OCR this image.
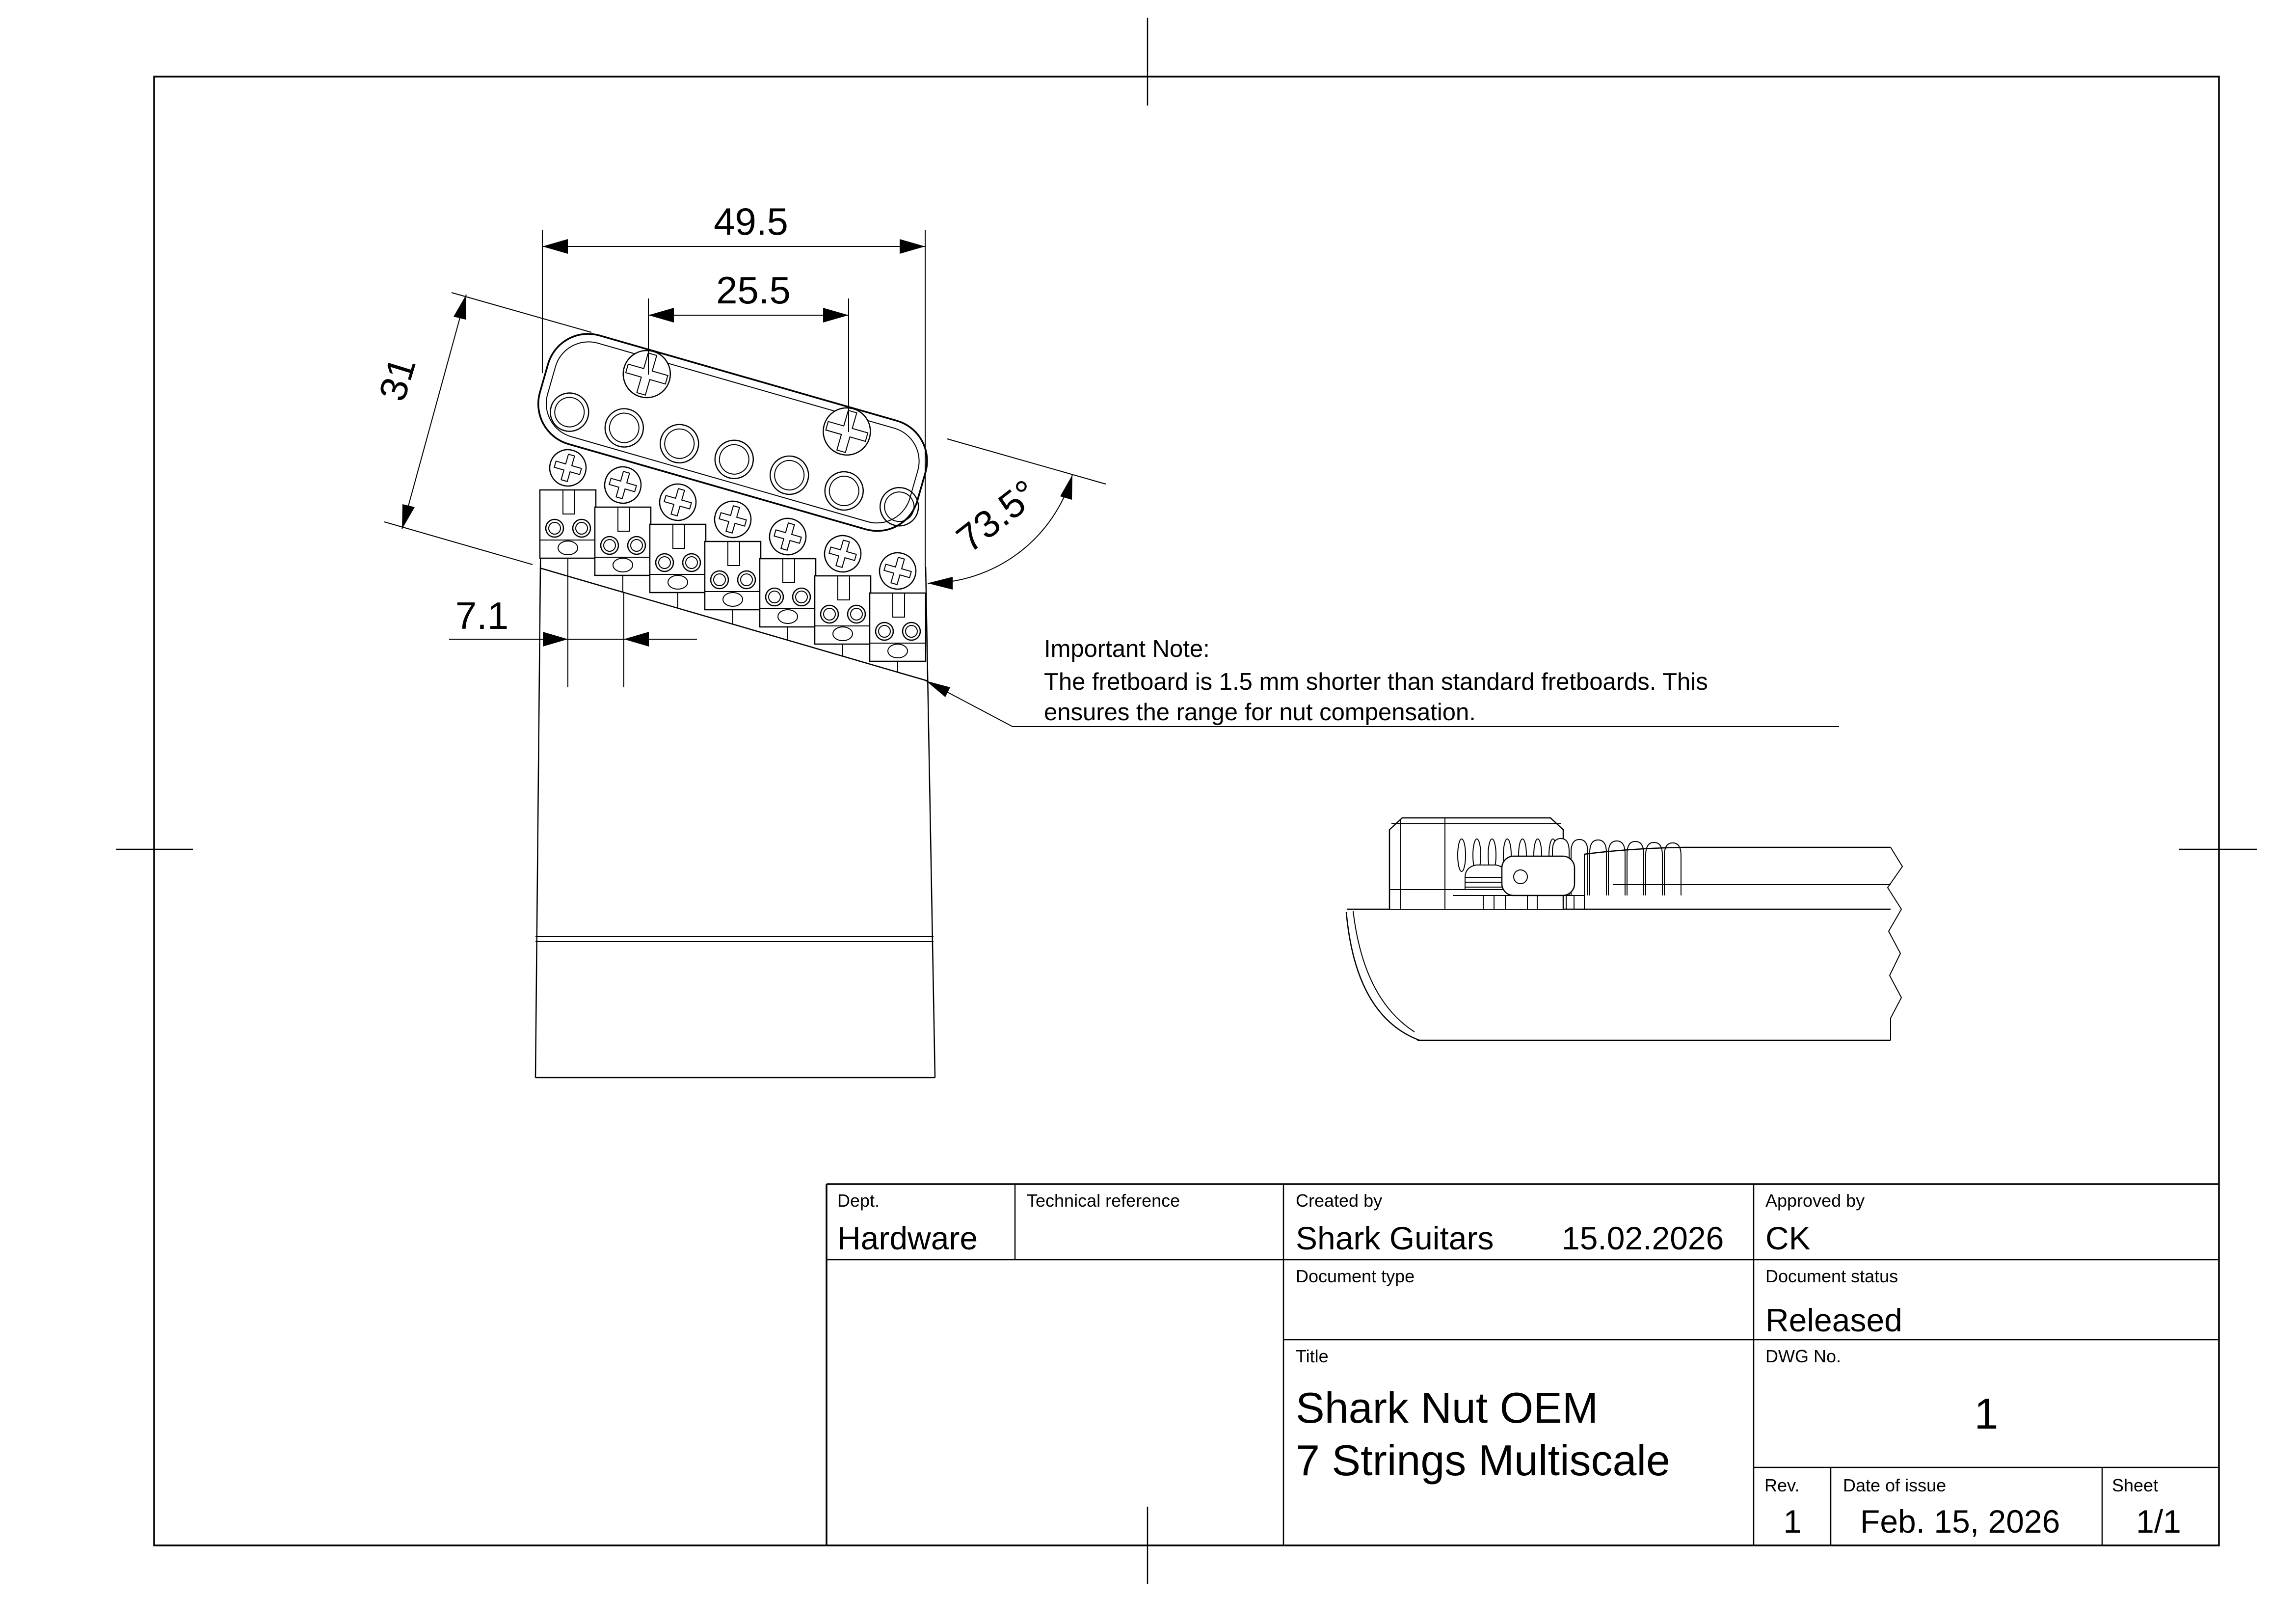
49.5
25.5
31
7.1
73.5°
Important Note:
The fretboard is 1.5 mm shorter than standard fretboards. This
ensures the range for nut compensation.
Dept.
Hardware
Technical reference	Created by
Shark Guitars 15.02.2026
Approved by
CK
Document type	Document status
Released
Title
Shark Nut OEM
7 Strings Multiscale
DWG No.
1
Rev.
1
Date of issue
Feb. 15, 2026
Sheet
1/1
